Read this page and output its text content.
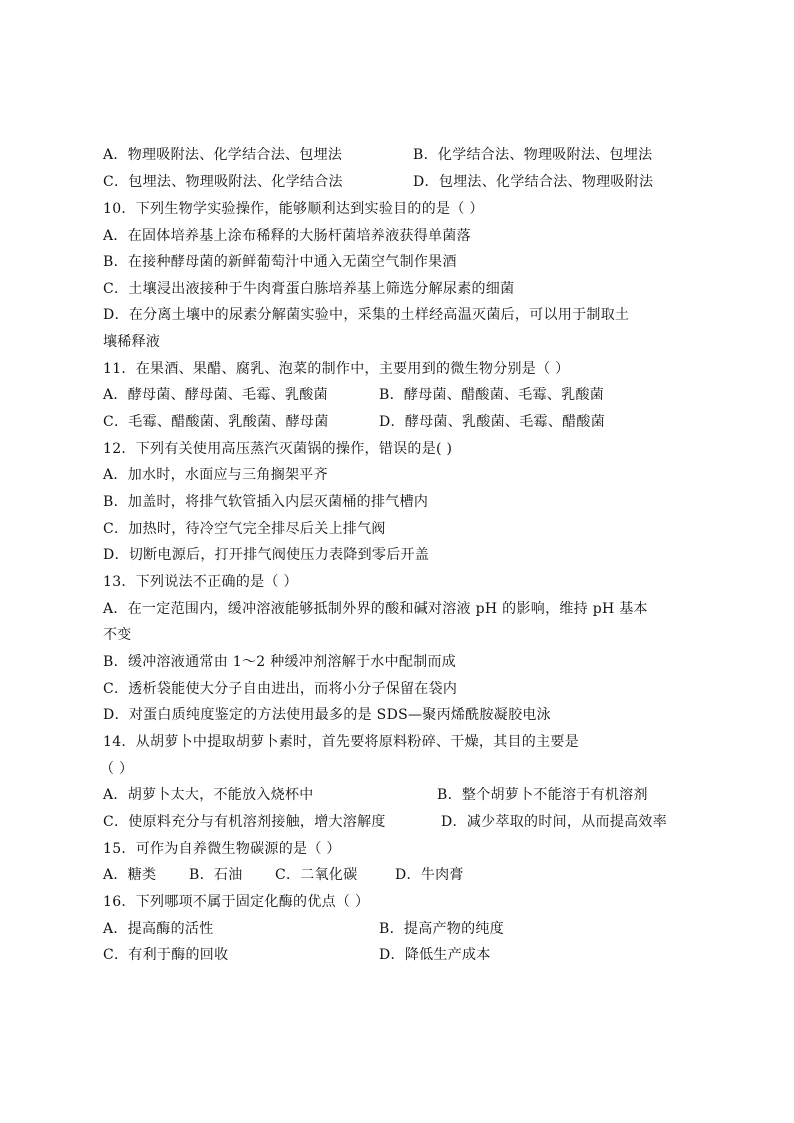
A．物理吸附法、化学结合法、包埋法	B．化学结合法、物理吸附法、包埋法
C．包埋法、物理吸附法、化学结合法	D．包埋法、化学结合法、物理吸附法
10．下列生物学实验操作，能够顺利达到实验目的的是（ ）
A．在固体培养基上涂布稀释的大肠杆菌培养液获得单菌落
B．在接种酵母菌的新鲜葡萄汁中通入无菌空气制作果酒
C．土壤浸出液接种于牛肉膏蛋白胨培养基上筛选分解尿素的细菌
D．在分离土壤中的尿素分解菌实验中，采集的土样经高温灭菌后，可以用于制取土
壤稀释液
11．在果酒、果醋、腐乳、泡菜的制作中，主要用到的微生物分别是（ ）
A．酵母菌、酵母菌、毛霉、乳酸菌	B．酵母菌、醋酸菌、毛霉、乳酸菌
C．毛霉、醋酸菌、乳酸菌、酵母菌	D．酵母菌、乳酸菌、毛霉、醋酸菌
12．下列有关使用高压蒸汽灭菌锅的操作，错误的是( )
A．加水时，水面应与三角搁架平齐
B．加盖时，将排气软管插入内层灭菌桶的排气槽内
C．加热时，待冷空气完全排尽后关上排气阀
D．切断电源后，打开排气阀使压力表降到零后开盖
13．下列说法不正确的是（ ）
A．在一定范围内，缓冲溶液能够抵制外界的酸和碱对溶液 pH 的影响，维持 pH 基本
不变
B．缓冲溶液通常由 1～2 种缓冲剂溶解于水中配制而成
C．透析袋能使大分子自由进出，而将小分子保留在袋内
D．对蛋白质纯度鉴定的方法使用最多的是 SDS—聚丙烯酰胺凝胶电泳
14．从胡萝卜中提取胡萝卜素时，首先要将原料粉碎、干燥，其目的主要是
（ ）
A．胡萝卜太大，不能放入烧杯中	B．整个胡萝卜不能溶于有机溶剂
C．使原料充分与有机溶剂接触，增大溶解度	D．减少萃取的时间，从而提高效率
15．可作为自养微生物碳源的是（ ）
A．糖类 B．石油 C．二氧化碳	D．牛肉膏
16．下列哪项不属于固定化酶的优点（ ）
A．提高酶的活性	B．提高产物的纯度
C．有利于酶的回收	D．降低生产成本
